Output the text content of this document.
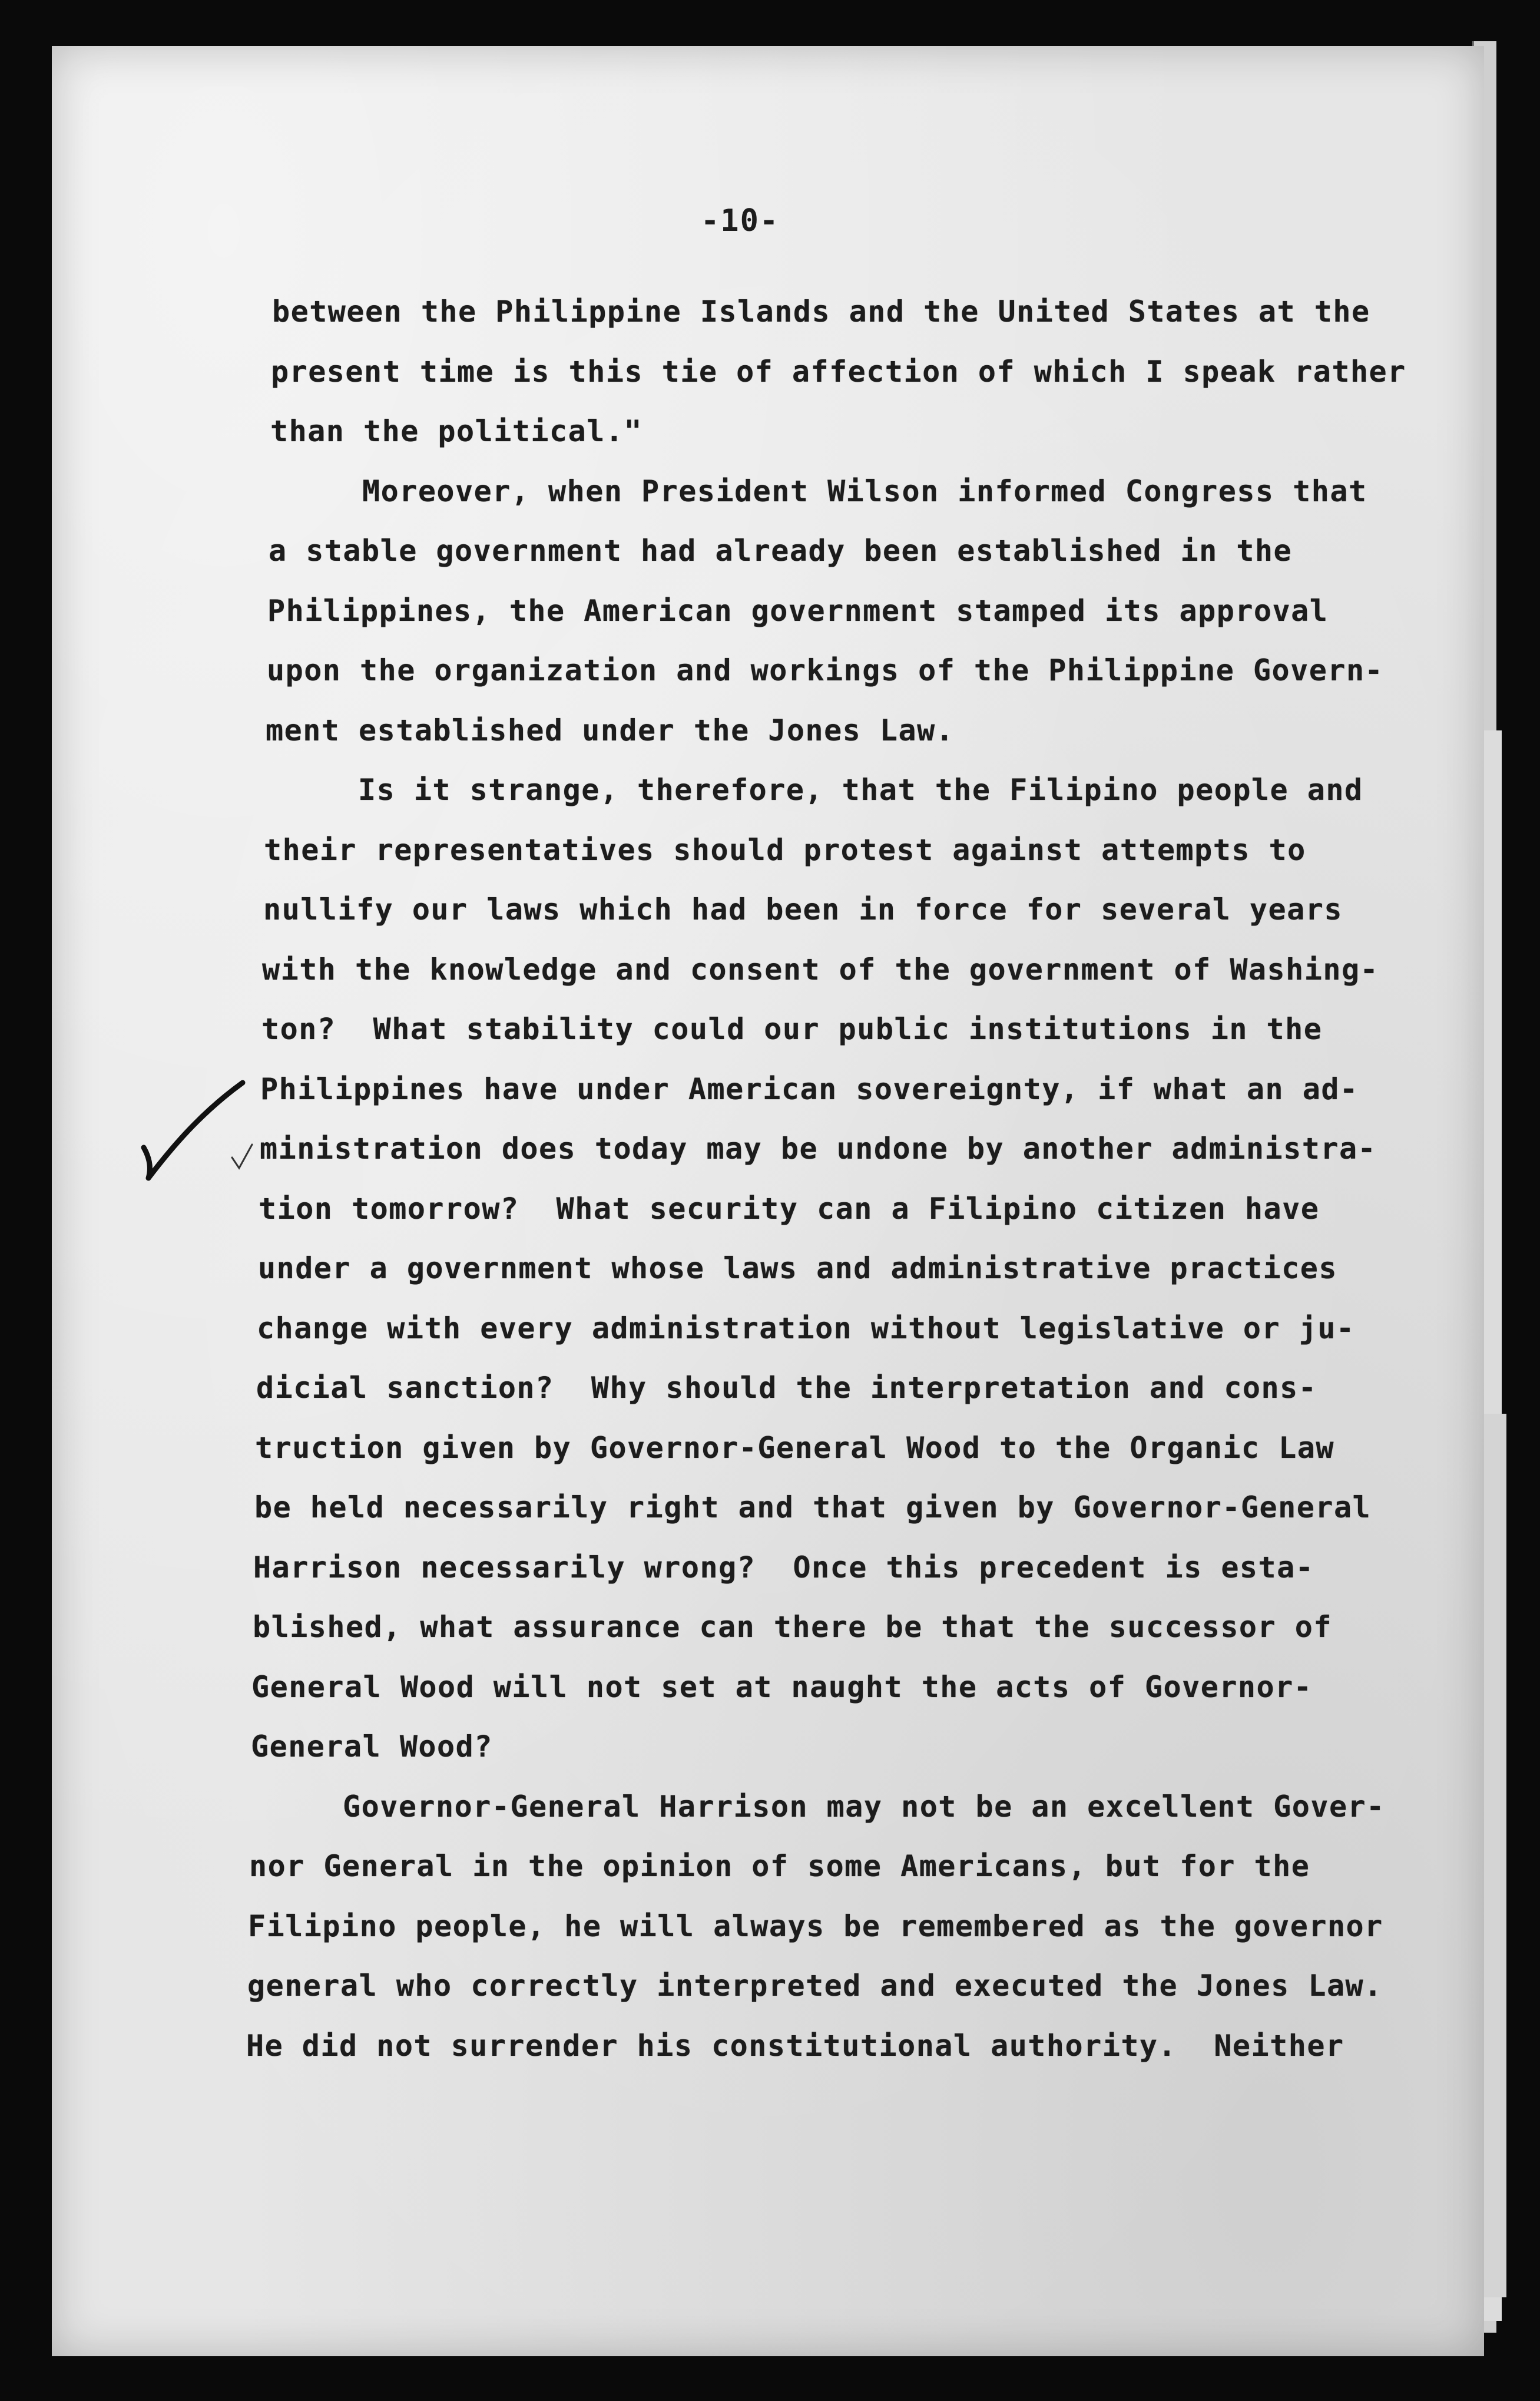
-10-
between the Philippine Islands and the United States at the
present time is this tie of affection of which I speak rather
than the political."
Moreover, when President Wilson informed Congress that
a stable government had already been established in the
Philippines, the American government stamped its approval
upon the organization and workings of the Philippine Govern-
ment established under the Jones Law.
Is it strange, therefore, that the Filipino people and
their representatives should protest against attempts to
nullify our laws which had been in force for several years
with the knowledge and consent of the government of Washing-
ton?  What stability could our public institutions in the
Philippines have under American sovereignty, if what an ad-
ministration does today may be undone by another administra-
tion tomorrow?  What security can a Filipino citizen have
under a government whose laws and administrative practices
change with every administration without legislative or ju-
dicial sanction?  Why should the interpretation and cons-
truction given by Governor-General Wood to the Organic Law
be held necessarily right and that given by Governor-General
Harrison necessarily wrong?  Once this precedent is esta-
blished, what assurance can there be that the successor of
General Wood will not set at naught the acts of Governor-
General Wood?
Governor-General Harrison may not be an excellent Gover-
nor General in the opinion of some Americans, but for the
Filipino people, he will always be remembered as the governor
general who correctly interpreted and executed the Jones Law.
He did not surrender his constitutional authority.  Neither
